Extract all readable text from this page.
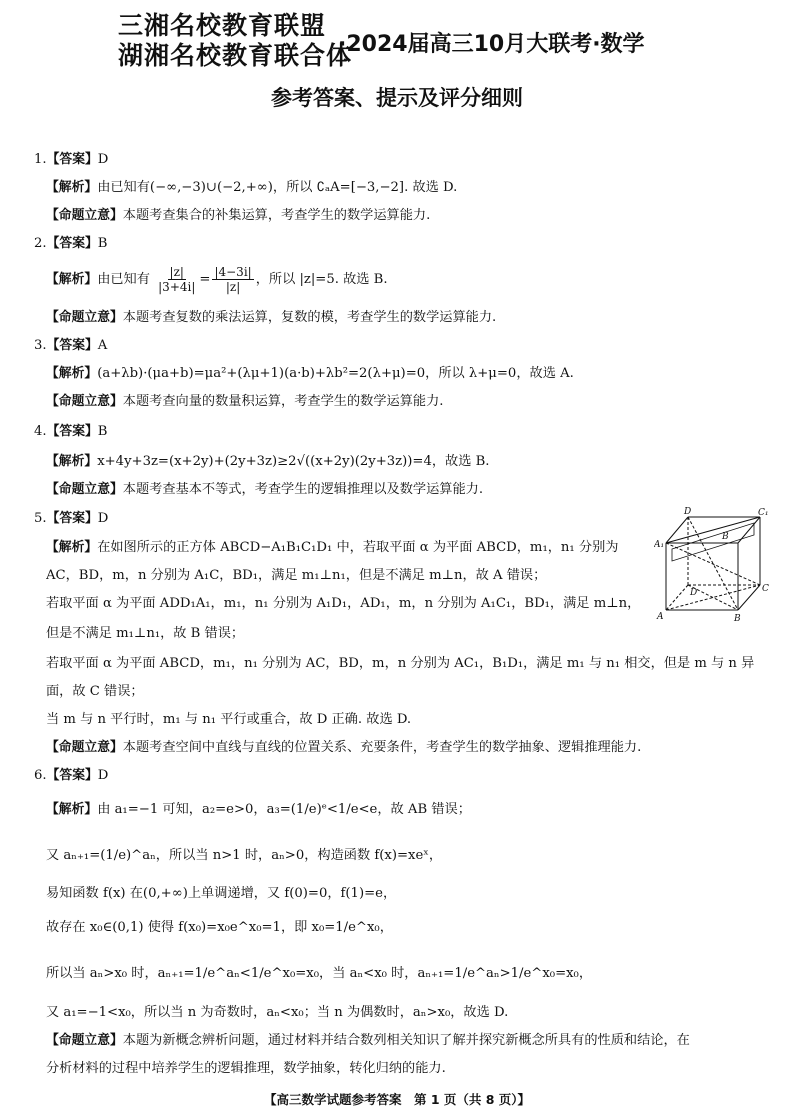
三湘名校教育联盟
湖湘名校教育联合体
·2024届高三10月大联考·数学
参考答案、提示及评分细则
1.【答案】D
【解析】由已知有(−∞,−3)∪(−2,+∞)，所以 ∁ₐA=[−3,−2]. 故选 D.
【命题立意】本题考查集合的补集运算，考查学生的数学运算能力.
2.【答案】B
【解析】由已知有 $\frac{|z|}{|3+4i|} = \frac{|4-3i|}{|z|}$ ，所以 |z|=5. 故选 B.
【命题立意】本题考查复数的乘法运算，复数的模，考查学生的数学运算能力.
3.【答案】A
【解析】(a+λb)·(μa+b)=μa²+(λμ+1)(a·b)+λb²=2(λ+μ)=0，所以 λ+μ=0，故选 A.
【命题立意】本题考查向量的数量积运算，考查学生的数学运算能力.
4.【答案】B
【解析】x+4y+3z=(x+2y)+(2y+3z)≥2√((x+2y)(2y+3z))=4，故选 B.
【命题立意】本题考查基本不等式，考查学生的逻辑推理以及数学运算能力.
5.【答案】D
【解析】在如图所示的正方体 ABCD−A₁B₁C₁D₁ 中，若取平面 α 为平面 ABCD，m₁，n₁ 分别为
AC，BD，m，n 分别为 A₁C，BD₁，满足 m₁⊥n₁，但是不满足 m⊥n，故 A 错误；
若取平面 α 为平面 ADD₁A₁，m₁，n₁ 分别为 A₁D₁，AD₁，m，n 分别为 A₁C₁，BD₁，满足 m⊥n，
但是不满足 m₁⊥n₁，故 B 错误；
若取平面 α 为平面 ABCD，m₁，n₁ 分别为 AC，BD，m，n 分别为 AC₁，B₁D₁，满足 m₁ 与 n₁ 相交，但是 m 与 n 异
面，故 C 错误；
当 m 与 n 平行时，m₁ 与 n₁ 平行或重合，故 D 正确. 故选 D.
【命题立意】本题考查空间中直线与直线的位置关系、充要条件，考查学生的数学抽象、逻辑推理能力.
D	C₁
A₁
B
C
A	B
D
6.【答案】D
【解析】由 a₁=−1 可知，a₂=e>0，a₃=(1/e)ᵉ<1/e<e，故 AB 错误；
又 aₙ₊₁=(1/e)^aₙ，所以当 n>1 时，aₙ>0，构造函数 f(x)=xeˣ，
易知函数 f(x) 在(0,+∞)上单调递增，又 f(0)=0，f(1)=e，
故存在 x₀∈(0,1) 使得 f(x₀)=x₀e^x₀=1，即 x₀=1/e^x₀，
所以当 aₙ>x₀ 时，aₙ₊₁=1/e^aₙ<1/e^x₀=x₀，当 aₙ<x₀ 时，aₙ₊₁=1/e^aₙ>1/e^x₀=x₀，
又 a₁=−1<x₀，所以当 n 为奇数时，aₙ<x₀；当 n 为偶数时，aₙ>x₀，故选 D.
【命题立意】本题为新概念辨析问题，通过材料并结合数列相关知识了解并探究新概念所具有的性质和结论，在
分析材料的过程中培养学生的逻辑推理，数学抽象，转化归纳的能力.
【高三数学试题参考答案　第 1 页（共 8 页）】
